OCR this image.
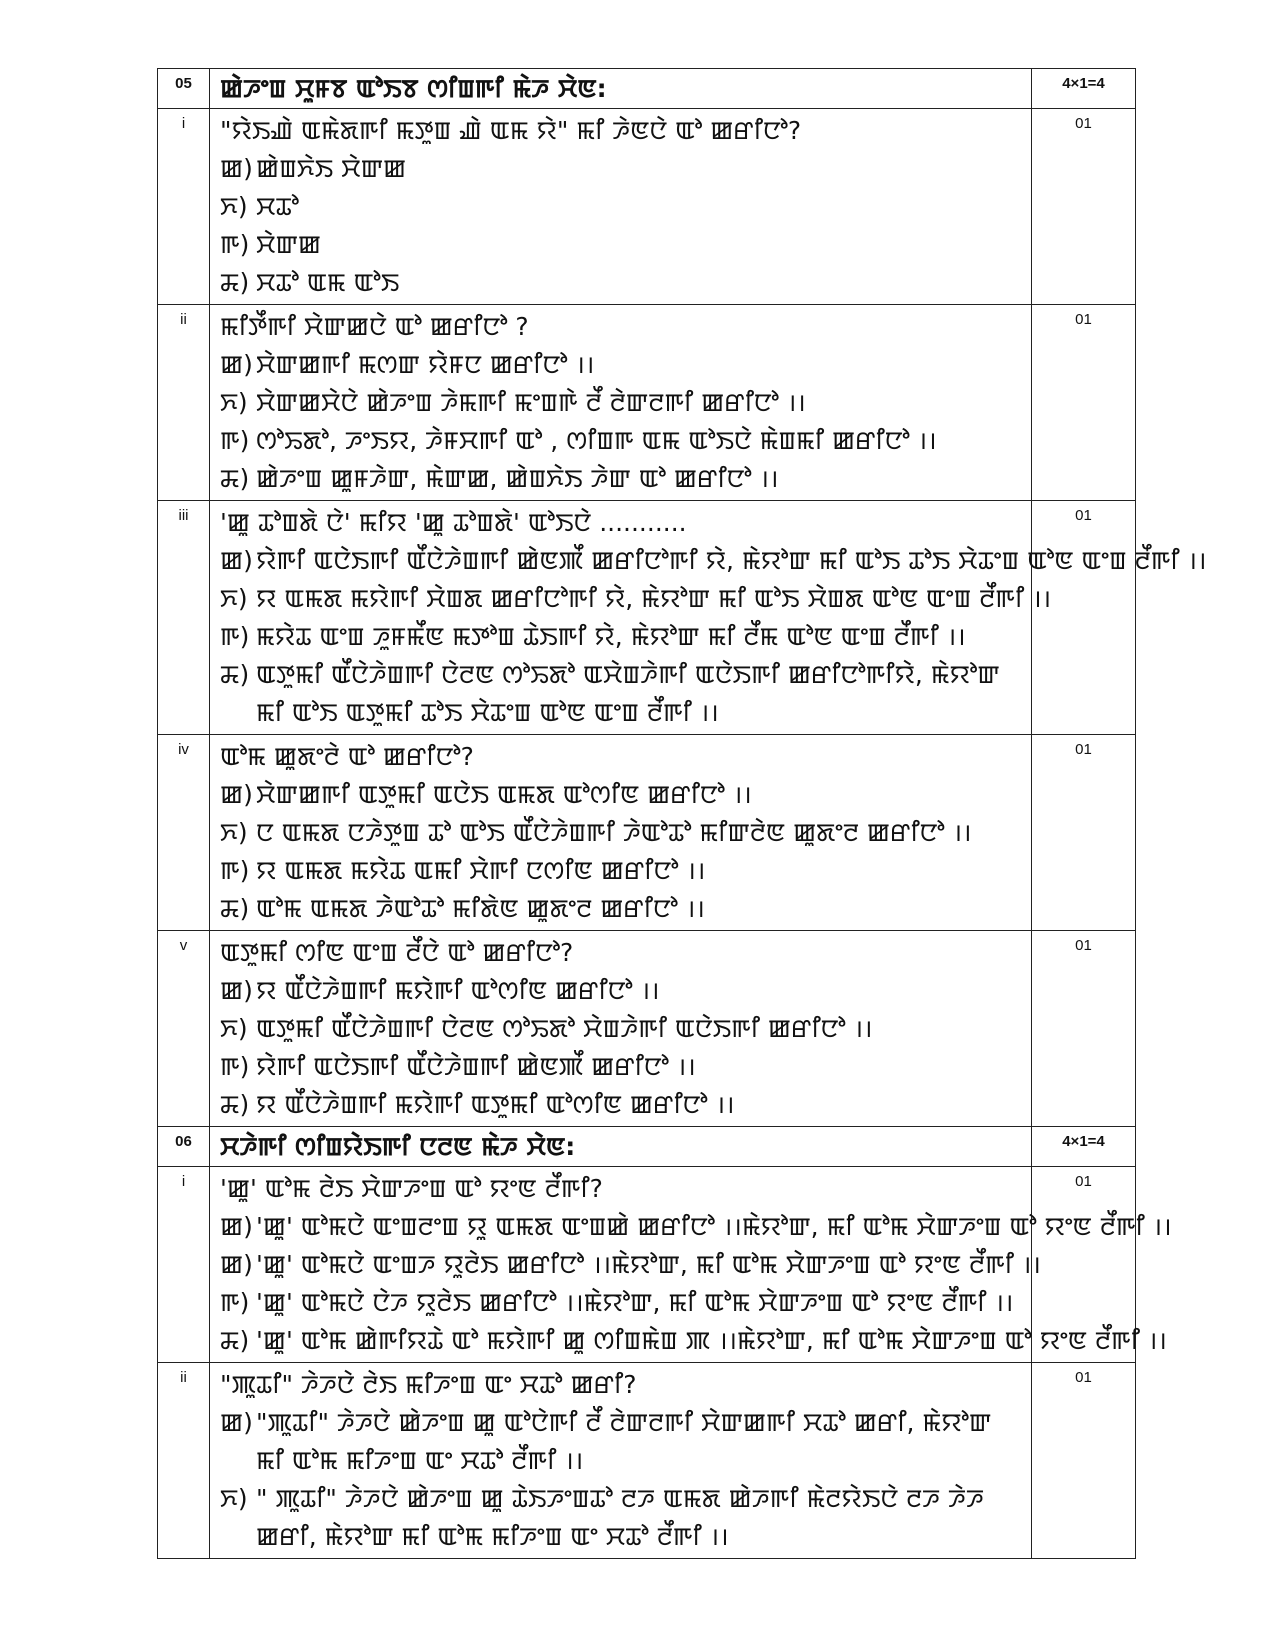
05	ꯀꯥꯍꯦꯡ ꯆꯨꯝꯕ ꯑꯣꯏꯕ ꯁꯤꯡꯒꯤ ꯃꯥꯍ ꯆꯥꯟ:	4×1=4
i	"ꯌꯥꯏꯉꯥ ꯑꯃꯥꯗꯒꯤ ꯃꯇꯨꯡ ꯉꯥ ꯑꯃ ꯌꯥ" ꯃꯤ ꯍꯥꯟꯅꯥ ꯑꯣ ꯀꯔꯤꯅꯣ?
ꯀ) ꯀꯥꯡꯈꯥꯏ ꯆꯥꯛꯀ
ꯈ) ꯆꯊꯣ
ꯒ) ꯆꯥꯛꯀ
ꯘ) ꯆꯊꯣ ꯑꯃ ꯑꯣꯏ	01
ii	ꯃꯤꯇꯩꯒꯤ ꯆꯥꯛꯀꯅꯥ ꯑꯣ ꯀꯔꯤꯅꯣ ?
ꯀ) ꯆꯥꯛꯀꯒꯤ ꯃꯁꯛ ꯌꯥꯝꯅ ꯀꯔꯤꯅꯣ ।।
ꯈ) ꯆꯥꯛꯀꯆꯥꯅꯥ ꯀꯥꯍꯦꯡ ꯍꯥꯃꯒꯤ ꯃꯦꯡꯒꯥ ꯂꯩ ꯂꯥꯛꯂꯒꯤ ꯀꯔꯤꯅꯣ ।।
ꯒ) ꯁꯣꯢꯗꯣ, ꯍꯦꯏꯌ, ꯍꯥꯝꯆꯒꯤ ꯑꯣ , ꯁꯤꯡꯒ ꯑꯃ ꯑꯣꯏꯅꯥ ꯃꯥꯡꯃꯤ ꯀꯔꯤꯅꯣ ।।
ꯘ) ꯀꯥꯍꯦꯡ ꯀꯨꯝꯍꯥꯛ, ꯃꯥꯛꯀ, ꯀꯥꯡꯈꯥꯏ ꯍꯥꯛ ꯑꯣ ꯀꯔꯤꯅꯣ ।।	01
iii	'ꯀꯨ ꯊꯣꯡꯗꯥ ꯅꯥ' ꯃꯤꯌ 'ꯀꯨ ꯊꯣꯡꯗꯥ' ꯑꯣꯏꯅꯥ ...........
ꯀ) ꯌꯥꯒꯤ ꯑꯅꯥꯏꯒꯤ ꯑꯩꯅꯥꯍꯥꯡꯒꯤ ꯀꯥꯟꯄꯩ ꯀꯔꯤꯅꯣꯒꯤ ꯌꯥ, ꯃꯥꯌꯣꯛ ꯃꯤ ꯑꯣꯏ ꯊꯣꯏ ꯆꯥꯊꯦꯡ ꯑꯣꯟ ꯑꯦꯡ ꯂꯩꯒꯤ ।।
ꯈ) ꯌ ꯑꯃꯗ ꯃꯌꯥꯒꯤ ꯆꯥꯡꯗ ꯀꯔꯤꯅꯣꯒꯤ ꯌꯥ, ꯃꯥꯌꯣꯛ ꯃꯤ ꯑꯣꯏ ꯆꯥꯡꯗ ꯑꯣꯟ ꯑꯦꯡ ꯂꯩꯒꯤ ।।
ꯒ) ꯃꯌꯥꯊ ꯑꯦꯡ ꯍꯨꯝꯃꯩꯟ ꯃꯇꯣꯡ ꯊꯥꯏꯒꯤ ꯌꯥ, ꯃꯥꯌꯣꯛ ꯃꯤ ꯂꯩꯃ ꯑꯣꯟ ꯑꯦꯡ ꯂꯩꯒꯤ ।।
ꯘ) ꯑꯇꯨꯃꯤ ꯑꯩꯅꯥꯍꯥꯡꯒꯤ ꯅꯥꯂꯟ ꯁꯣꯢꯗꯣ ꯑꯆꯥꯡꯍꯥꯒꯤ ꯑꯅꯥꯏꯒꯤ ꯀꯔꯤꯅꯣꯒꯤꯌꯥ, ꯃꯥꯌꯣꯛ ꯃꯤ ꯑꯣꯏ ꯑꯇꯨꯃꯤ ꯊꯣꯏ ꯆꯥꯊꯦꯡ ꯑꯣꯟ ꯑꯦꯡ ꯂꯩꯒꯤ ।।	01
iv	ꯑꯣꯃ ꯀꯨꯗꯦꯂꯥ ꯑꯣ ꯀꯔꯤꯅꯣ?
ꯀ) ꯆꯥꯛꯀꯒꯤ ꯑꯇꯨꯃꯤ ꯑꯅꯥꯏ ꯑꯃꯗ ꯑꯣꯁꯤꯟ ꯀꯔꯤꯅꯣ ।।
ꯈ) ꯅ ꯑꯃꯗ ꯅꯍꯥꯇꯨꯡ ꯊꯣ ꯑꯣꯏ ꯑꯩꯅꯥꯍꯥꯡꯒꯤ ꯍꯥꯑꯣꯊꯣ ꯃꯤꯛꯂꯥꯟ ꯀꯨꯗꯦꯂ ꯀꯔꯤꯅꯣ ।।
ꯒ) ꯌ ꯑꯃꯗ ꯃꯌꯥꯊ ꯑꯃꯤ ꯆꯥꯒꯤ ꯅꯁꯤꯟ ꯀꯔꯤꯅꯣ ।।
ꯘ) ꯑꯣꯃ ꯑꯃꯗ ꯍꯥꯑꯣꯊꯣ ꯃꯤꯗꯥꯟ ꯀꯨꯗꯦꯂ ꯀꯔꯤꯅꯣ ।।	01
v	ꯑꯇꯨꯃꯤ ꯁꯤꯟ ꯑꯦꯡ ꯂꯩꯅꯥ ꯑꯣ ꯀꯔꯤꯅꯣ?
ꯀ) ꯌ ꯑꯩꯅꯥꯍꯥꯡꯒꯤ ꯃꯌꯥꯒꯤ ꯑꯣꯁꯤꯟ ꯀꯔꯤꯅꯣ ।।
ꯈ) ꯑꯇꯨꯃꯤ ꯑꯩꯅꯥꯍꯥꯡꯒꯤ ꯅꯥꯂꯟ ꯁꯣꯢꯗꯣ ꯆꯥꯡꯍꯥꯒꯤ ꯑꯅꯥꯏꯒꯤ ꯀꯔꯤꯅꯣ ।।
ꯒ) ꯌꯥꯒꯤ ꯑꯅꯥꯏꯒꯤ ꯑꯩꯅꯥꯍꯥꯡꯒꯤ ꯀꯥꯟꯄꯩ ꯀꯔꯤꯅꯣ ।।
ꯘ) ꯌ ꯑꯩꯅꯥꯍꯥꯡꯒꯤ ꯃꯌꯥꯒꯤ ꯑꯇꯨꯃꯤ ꯑꯣꯁꯤꯟ ꯀꯔꯤꯅꯣ ।।	01
06	ꯆꯍꯥꯒꯤ ꯁꯤꯡꯌꯥꯏꯒꯤ ꯅꯂꯟ ꯃꯥꯍ ꯆꯥꯟ:	4×1=4
i	'ꯀꯨ' ꯑꯣꯃ ꯂꯥꯏ ꯆꯥꯛꯍꯦꯡ ꯑꯣ ꯌꯦꯟ ꯂꯩꯒꯤ?
ꯀ) 'ꯀꯨ' ꯑꯣꯃꯅꯥ ꯑꯦꯡꯂꯦꯡ ꯌꯨ ꯑꯃꯗ ꯑꯦꯡꯀꯥ ꯀꯔꯤꯅꯣ ।।ꯃꯥꯌꯣꯛ, ꯃꯤ ꯑꯣꯃ ꯆꯥꯛꯍꯦꯡ ꯑꯣ ꯌꯦꯟ ꯂꯩꯒꯤ ।।
ꯀ) 'ꯀꯨ' ꯑꯣꯃꯅꯥ ꯑꯦꯡꯍ ꯌꯨꯂꯥꯏ ꯀꯔꯤꯅꯣ ।।ꯃꯥꯌꯣꯛ, ꯃꯤ ꯑꯣꯃ ꯆꯥꯛꯍꯦꯡ ꯑꯣ ꯌꯦꯟ ꯂꯩꯒꯤ ।।
ꯒ) 'ꯀꯨ' ꯑꯣꯃꯅꯥ ꯅꯥꯍ ꯌꯨꯂꯥꯏ ꯀꯔꯤꯅꯣ ।।ꯃꯥꯌꯣꯛ, ꯃꯤ ꯑꯣꯃ ꯆꯥꯛꯍꯦꯡ ꯑꯣ ꯌꯦꯟ ꯂꯩꯒꯤ ।।
ꯘ) 'ꯀꯨ' ꯑꯣꯃ ꯀꯥꯒꯤꯌꯊꯥ ꯑꯣ ꯃꯌꯥꯒꯤ ꯀꯨ ꯁꯤꯡꯃꯥꯡ ꯄ ।।ꯃꯥꯌꯣꯛ, ꯃꯤ ꯑꯣꯃ ꯆꯥꯛꯍꯦꯡ ꯑꯣ ꯌꯦꯟ ꯂꯩꯒꯤ ।।	01
ii	"ꯄꯨꯊꯤ" ꯍꯥꯍꯅꯥ ꯂꯥꯏ ꯃꯤꯍꯦꯡ ꯑꯦ ꯆꯊꯣ ꯀꯔꯤ?
ꯀ) "ꯄꯨꯊꯤ" ꯍꯥꯍꯅꯥ ꯀꯥꯍꯦꯡ ꯀꯨ ꯑꯣꯅꯥꯒꯤ ꯂꯩ ꯂꯥꯛꯂꯒꯤ ꯆꯥꯛꯀꯒꯤ ꯆꯊꯣ ꯀꯔꯤ, ꯃꯥꯌꯣꯛ ꯃꯤ ꯑꯣꯃ ꯃꯤꯍꯦꯡ ꯑꯦ ꯆꯊꯣ ꯂꯩꯒꯤ ।।
ꯈ) " ꯄꯨꯊꯤ" ꯍꯥꯍꯅꯥ ꯀꯥꯍꯦꯡ ꯀꯨ ꯊꯥꯏꯍꯦꯡꯊꯣ ꯂꯍ ꯑꯃꯗ ꯀꯥꯍꯒꯤ ꯃꯥꯂꯌꯥꯏꯅꯥ ꯂꯍ ꯍꯥꯍ ꯀꯔꯤ, ꯃꯥꯌꯣꯛ ꯃꯤ ꯑꯣꯃ ꯃꯤꯍꯦꯡ ꯑꯦ ꯆꯊꯣ ꯂꯩꯒꯤ ।।	01
